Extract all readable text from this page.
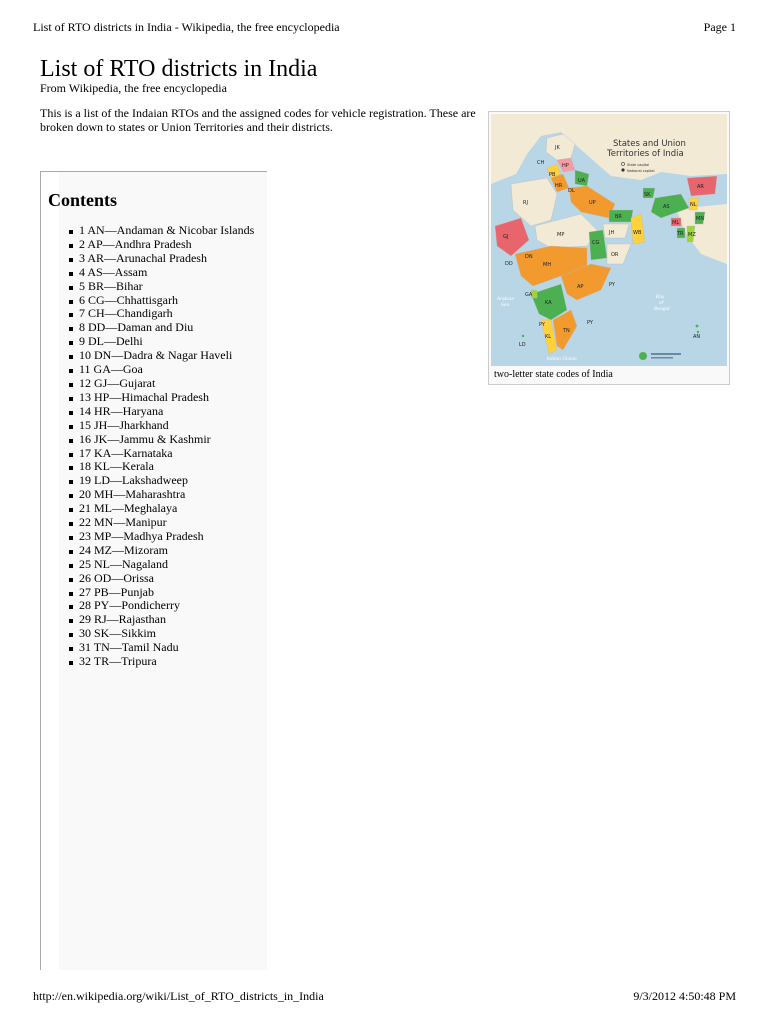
List of RTO districts in India - Wikipedia, the free encyclopedia	Page 1
List of RTO districts in India
From Wikipedia, the free encyclopedia

This is a list of the Indaian RTOs and the assigned codes for vehicle registration. These are broken down to states or Union Territories and their districts.

Contents
1 AN—Andaman & Nicobar Islands
2 AP—Andhra Pradesh
3 AR—Arunachal Pradesh
4 AS—Assam
5 BR—Bihar
6 CG—Chhattisgarh
7 CH—Chandigarh
8 DD—Daman and Diu
9 DL—Delhi
10 DN—Dadra & Nagar Haveli
11 GA—Goa
12 GJ—Gujarat
13 HP—Himachal Pradesh
14 HR—Haryana
15 JH—Jharkhand
16 JK—Jammu & Kashmir
17 KA—Karnataka
18 KL—Kerala
19 LD—Lakshadweep
20 MH—Maharashtra
21 ML—Meghalaya
22 MN—Manipur
23 MP—Madhya Pradesh
24 MZ—Mizoram
25 NL—Nagaland
26 OD—Orissa
27 PB—Punjab
28 PY—Pondicherry
29 RJ—Rajasthan
30 SK—Sikkim
31 TN—Tamil Nadu
32 TR—Tripura
States and Union
Territories of India
State capital
National capital
JK
HP
CH
PB
HR
DL
UA
RJ	UP
GJ	MP
BR
JH	WB
SK
AR
AS	NL
ML
MN
TR MZ
CG
OR
DN
DD	MH
AP
GA
KA
KL
TN
PY
PY
PY
LD
AN
Arabian
Sea
Bay
of
Bengal
Indian Ocean
two-letter state codes of India
http://en.wikipedia.org/wiki/List_of_RTO_districts_in_India	9/3/2012 4:50:48 PM
